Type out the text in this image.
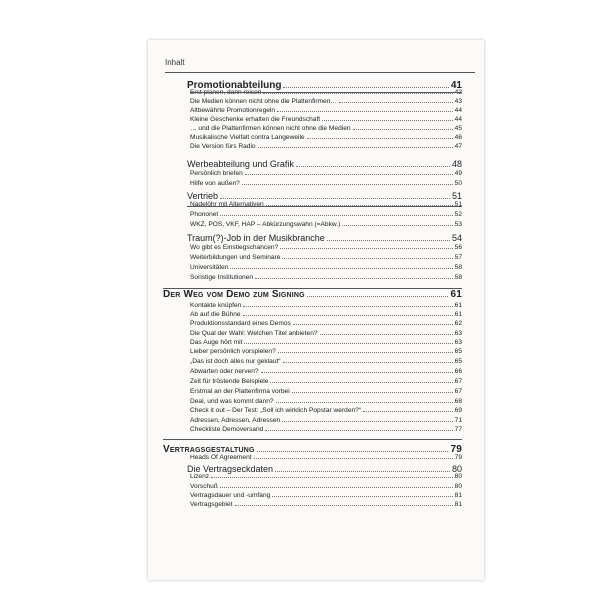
Inhalt
Promotionabteilung	41
Erst planen, dann reisen	42
Die Medien können nicht ohne die Plattenfirmen…	43
Altbewährte Promotionregeln	44
Kleine Geschenke erhalten die Freundschaft	44
… und die Plattenfirmen können nicht ohne die Medien	45
Musikalische Vielfalt contra Langeweile	46
Die Version fürs Radio	47
Werbeabteilung und Grafik	48
Persönlich briefen	49
Hilfe von außen?	50
Vertrieb	51
Nadelöhr mit Alternativen	51
Phononet	52
WKZ, POS, VKF, HAP – Abkürzungswahn (=Abkw.)	53
Traum(?)-Job in der Musikbranche	54
Wo gibt es Einstiegschancen?	56
Weiterbildungen und Seminare	57
Universitäten	58
Sonstige Institutionen	58
Der Weg vom Demo zum Signing	61
Kontakte knüpfen	61
Ab auf die Bühne	61
Produktionsstandard eines Demos	62
Die Qual der Wahl: Welchen Titel anbieten?	63
Das Auge hört mit	63
Lieber persönlich vorspielen?	65
„Das ist doch alles nur geklaut“	65
Abwarten oder nerven?	66
Zeit für tröstende Beispiele	67
Erstmal an der Plattenfirma vorbei	67
Deal, und was kommt dann?	68
Check it out – Der Test: „Soll ich wirklich Popstar werden?“	69
Adressen, Adressen, Adressen	71
Checkliste Demoversand	77
Vertragsgestaltung	79
Heads Of Agreement	79
Die Vertragseckdaten	80
Lizenz	80
Vorschuß	80
Vertragsdauer und -umfang	81
Vertragsgebiet	81
